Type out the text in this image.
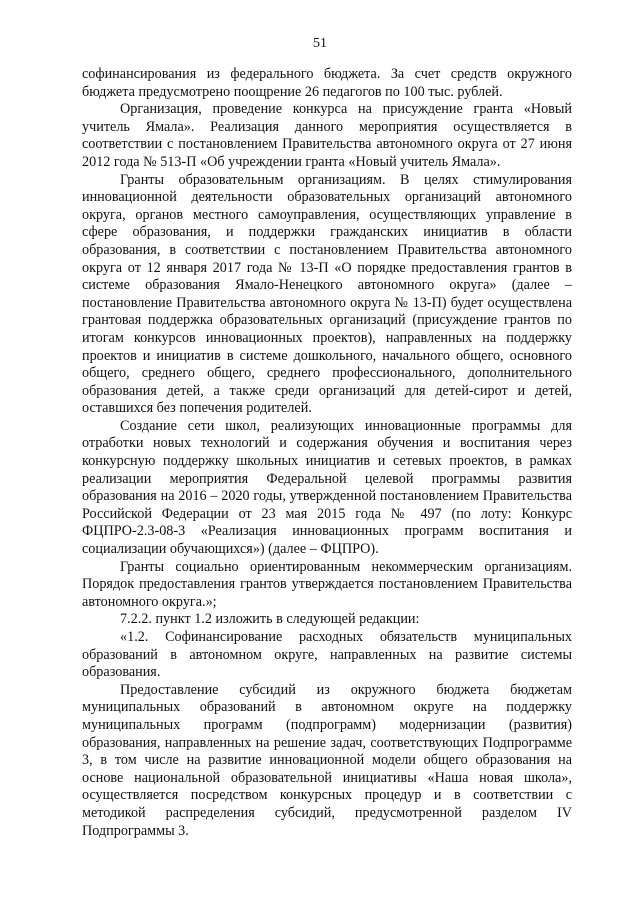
51

софинансирования из федерального бюджета. За счет средств окружного бюджета предусмотрено поощрение 26 педагогов по 100 тыс. рублей.

Организация, проведение конкурса на присуждение гранта «Новый учитель Ямала». Реализация данного мероприятия осуществляется в соответствии с постановлением Правительства автономного округа от 27 июня 2012 года № 513-П «Об учреждении гранта «Новый учитель Ямала».

Гранты образовательным организациям. В целях стимулирования инновационной деятельности образовательных организаций автономного округа, органов местного самоуправления, осуществляющих управление в сфере образования, и поддержки гражданских инициатив в области образования, в соответствии с постановлением Правительства автономного округа от 12 января 2017 года № 13-П «О порядке предоставления грантов в системе образования Ямало-Ненецкого автономного округа» (далее – постановление Правительства автономного округа № 13-П) будет осуществлена грантовая поддержка образовательных организаций (присуждение грантов по итогам конкурсов инновационных проектов), направленных на поддержку проектов и инициатив в системе дошкольного, начального общего, основного общего, среднего общего, среднего профессионального, дополнительного образования детей, а также среди организаций для детей-сирот и детей, оставшихся без попечения родителей.

Создание сети школ, реализующих инновационные программы для отработки новых технологий и содержания обучения и воспитания через конкурсную поддержку школьных инициатив и сетевых проектов, в рамках реализации мероприятия Федеральной целевой программы развития образования на 2016 – 2020 годы, утвержденной постановлением Правительства Российской Федерации от 23 мая 2015 года № 497 (по лоту: Конкурс ФЦПРО-2.3-08-3 «Реализация инновационных программ воспитания и социализации обучающихся») (далее – ФЦПРО).

Гранты социально ориентированным некоммерческим организациям. Порядок предоставления грантов утверждается постановлением Правительства автономного округа.»;

7.2.2. пункт 1.2 изложить в следующей редакции:

«1.2. Софинансирование расходных обязательств муниципальных образований в автономном округе, направленных на развитие системы образования.

Предоставление субсидий из окружного бюджета бюджетам муниципальных образований в автономном округе на поддержку муниципальных программ (подпрограмм) модернизации (развития) образования, направленных на решение задач, соответствующих Подпрограмме 3, в том числе на развитие инновационной модели общего образования на основе национальной образовательной инициативы «Наша новая школа», осуществляется посредством конкурсных процедур и в соответствии с методикой распределения субсидий, предусмотренной разделом IV Подпрограммы 3.
